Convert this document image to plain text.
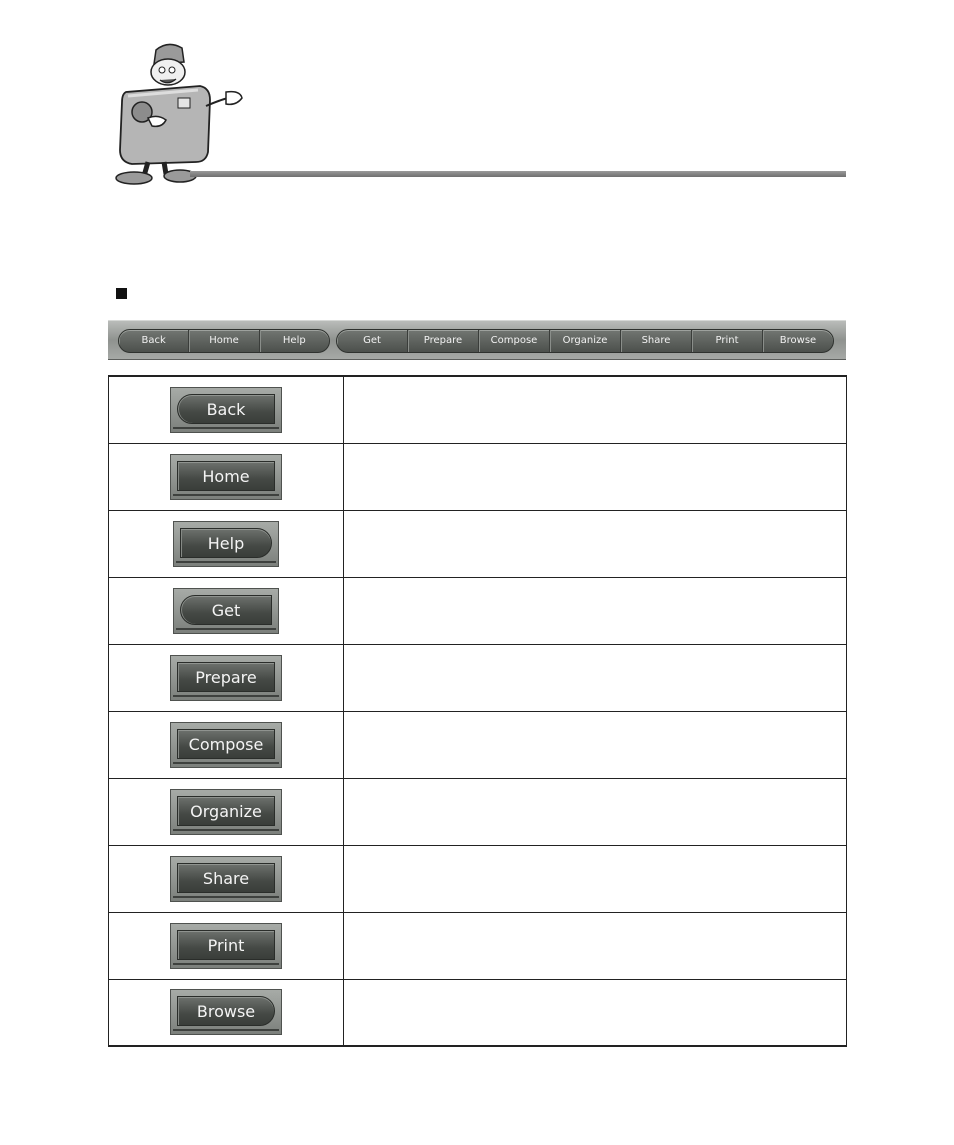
Back	Home	Help	Get	Prepare	Compose	Organize	Share	Print	Browse
Back	

Home	

Help	

Get	

Prepare	

Compose	

Organize	

Share	

Print	

Browse	
